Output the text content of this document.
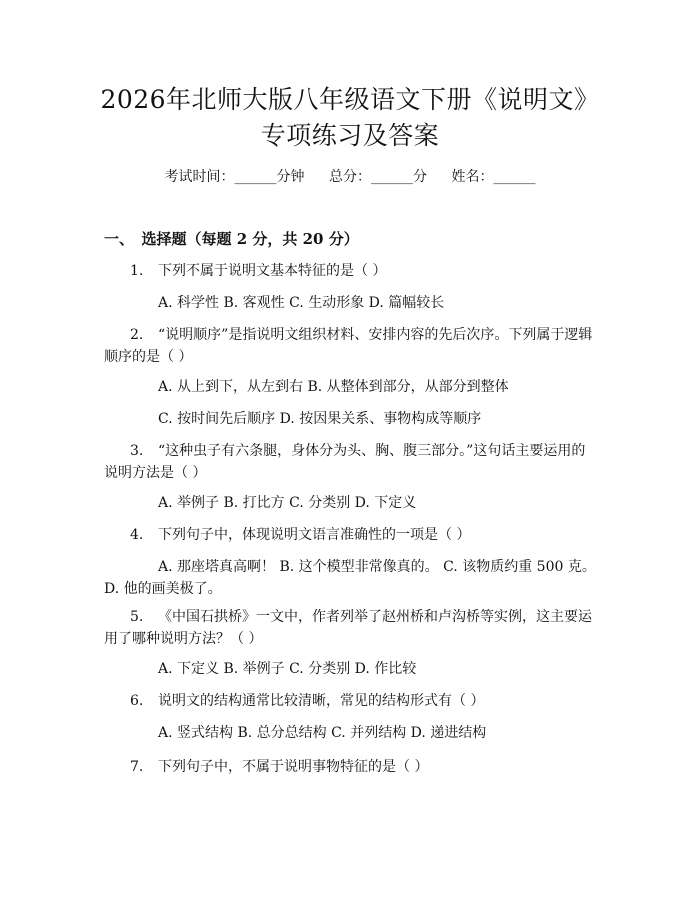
2026年北师大版八年级语文下册《说明文》
专项练习及答案
考试时间：______分钟 总分：______分 姓名：______
一、　选择题（每题 2 分，共 20 分）
1. 下列不属于说明文基本特征的是（ ）
A. 科学性 B. 客观性 C. 生动形象 D. 篇幅较长
2. “说明顺序”是指说明文组织材料、安排内容的先后次序。下列属于逻辑顺序的是（ ）
A. 从上到下，从左到右 B. 从整体到部分，从部分到整体
C. 按时间先后顺序 D. 按因果关系、事物构成等顺序
3. “这种虫子有六条腿，身体分为头、胸、腹三部分。”这句话主要运用的说明方法是（ ）
A. 举例子 B. 打比方 C. 分类别 D. 下定义
4. 下列句子中，体现说明文语言准确性的一项是（ ）
A. 那座塔真高啊！ B. 这个模型非常像真的。 C. 该物质约重 500 克。 D. 他的画美极了。
5. 《中国石拱桥》一文中，作者列举了赵州桥和卢沟桥等实例，这主要运用了哪种说明方法？（ ）
A. 下定义 B. 举例子 C. 分类别 D. 作比较
6. 说明文的结构通常比较清晰，常见的结构形式有（ ）
A. 竖式结构 B. 总分总结构 C. 并列结构 D. 递进结构
7. 下列句子中，不属于说明事物特征的是（ ）
